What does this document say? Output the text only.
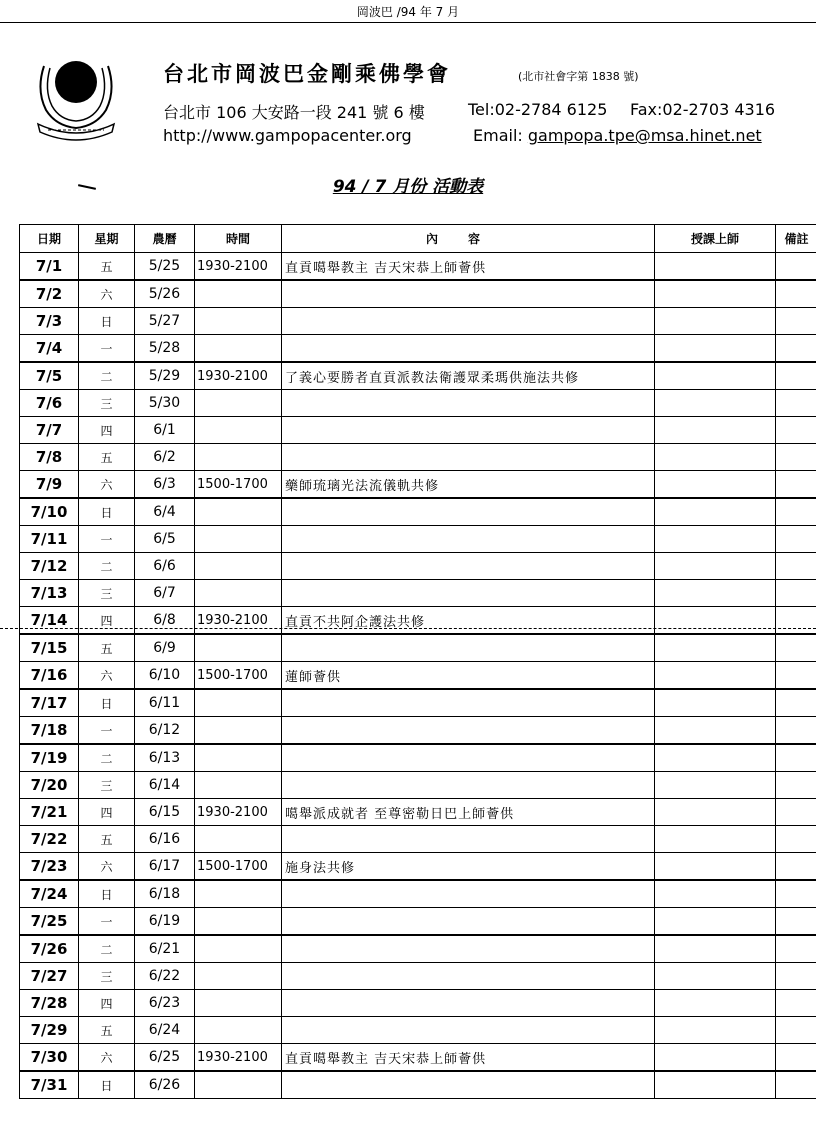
岡波巴 /94 年 7 月
台北市岡波巴金剛乘佛學會	(北市社會字第 1838 號)
台北市 106 大安路一段 241 號 6 樓	Tel:02-2784 6125 Fax:02-2703 4316
http://www.gampopacenter.org	Email: gampopa.tpe@msa.hinet.net
94 / 7 月份 活動表
日期	星期	農曆	時間	內容	授課上師	備註
7/1	五	5/25	1930-2100	直貢噶舉教主 吉天宋恭上師薈供		
7/2	六	5/26				
7/3	日	5/27				
7/4	一	5/28				
7/5	二	5/29	1930-2100	了義心要勝者直貢派教法衛護眾柔瑪供施法共修		
7/6	三	5/30				
7/7	四	6/1				
7/8	五	6/2				
7/9	六	6/3	1500-1700	藥師琉璃光法流儀軌共修		
7/10	日	6/4				
7/11	一	6/5				
7/12	二	6/6				
7/13	三	6/7				
7/14	四	6/8	1930-2100	直貢不共阿企護法共修		
7/15	五	6/9				
7/16	六	6/10	1500-1700	蓮師薈供		
7/17	日	6/11				
7/18	一	6/12				
7/19	二	6/13				
7/20	三	6/14				
7/21	四	6/15	1930-2100	噶舉派成就者 至尊密勒日巴上師薈供		
7/22	五	6/16				
7/23	六	6/17	1500-1700	施身法共修		
7/24	日	6/18				
7/25	一	6/19				
7/26	二	6/21				
7/27	三	6/22				
7/28	四	6/23				
7/29	五	6/24				
7/30	六	6/25	1930-2100	直貢噶舉教主 吉天宋恭上師薈供		
7/31	日	6/26				
